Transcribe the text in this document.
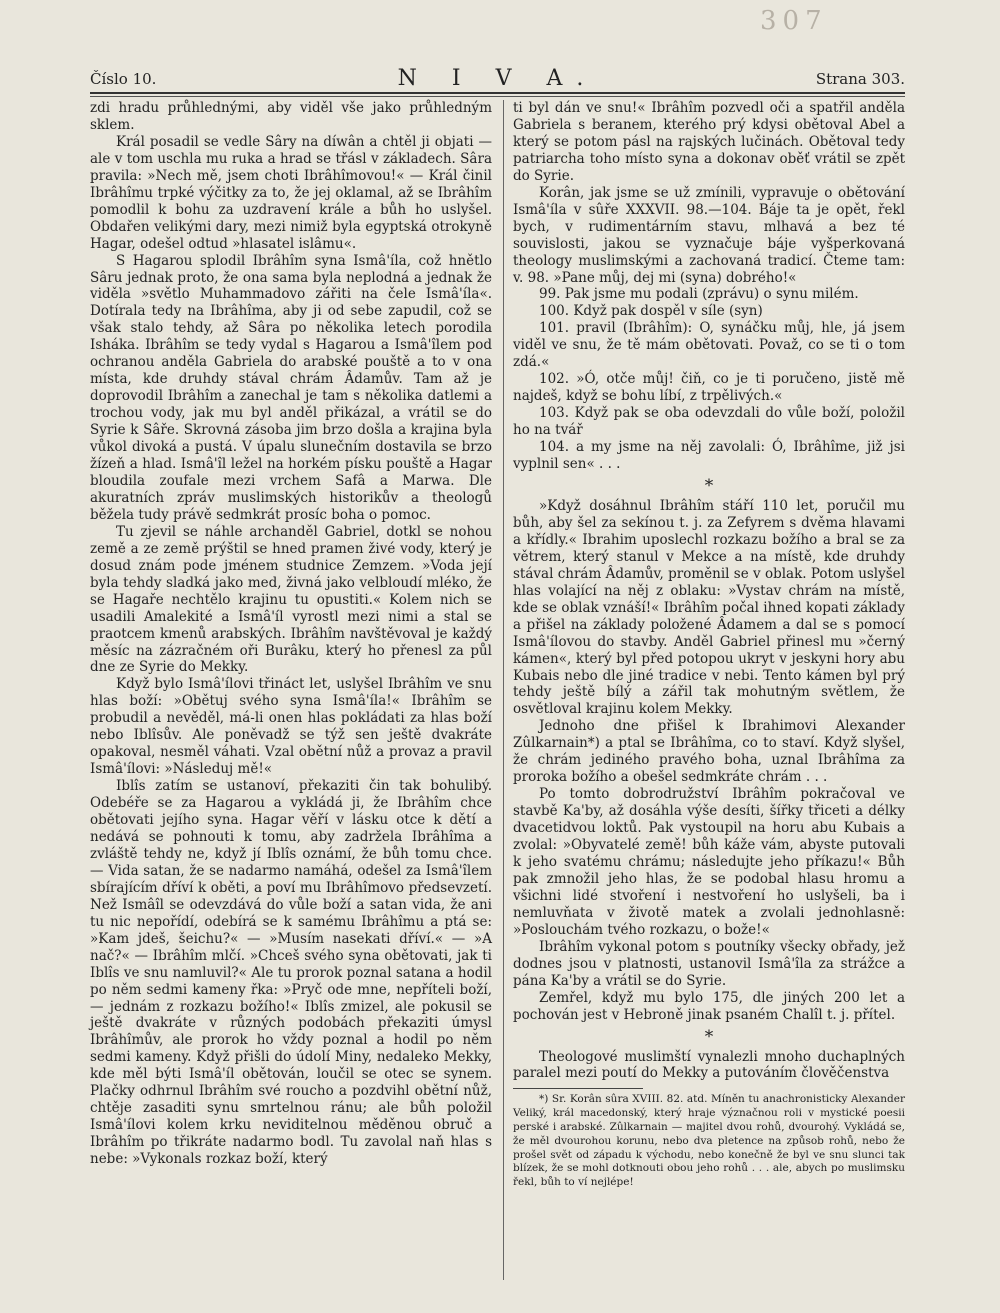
307
Číslo 10.	N I V A.	Strana 303.

zdi hradu průhlednými, aby viděl vše jako průhledným sklem.

Král posadil se vedle Sâry na díwân a chtěl ji objati — ale v tom uschla mu ruka a hrad se třásl v základech. Sâra pravila: »Nech mě, jsem choti Ibrâhîmovou!« — Král činil Ibrâhîmu trpké výčitky za to, že jej oklamal, až se Ibrâhîm pomodlil k bohu za uzdravení krále a bůh ho uslyšel. Obdařen velikými dary, mezi nimiž byla egyptská otrokyně Hagar, odešel odtud »hlasatel islâmu«.

S Hagarou splodil Ibrâhîm syna Ismâ'íla, což hnětlo Sâru jednak proto, že ona sama byla neplodná a jednak že viděla »světlo Muhammadovo zářiti na čele Ismâ'íla«. Dotírala tedy na Ibrâhîma, aby ji od sebe zapudil, což se však stalo tehdy, až Sâra po několika letech porodila Isháka. Ibrâhîm se tedy vydal s Hagarou a Ismâ'îlem pod ochranou anděla Gabriela do arabské pouště a to v ona místa, kde druhdy stával chrám Âdamův. Tam až je doprovodil Ibrâhîm a zanechal je tam s několika datlemi a trochou vody, jak mu byl anděl přikázal, a vrátil se do Syrie k Sâře. Skrovná zásoba jim brzo došla a krajina byla vůkol divoká a pustá. V úpalu slunečním dostavila se brzo žízeň a hlad. Ismâ'îl ležel na horkém písku pouště a Hagar bloudila zoufale mezi vrchem Safâ a Marwa. Dle akuratních zpráv muslimských historikův a theologů běžela tudy právě sedmkrát prosíc boha o pomoc.

Tu zjevil se náhle archanděl Gabriel, dotkl se nohou země a ze země prýštil se hned pramen živé vody, který je dosud znám pode jménem studnice Zemzem. »Voda její byla tehdy sladká jako med, živná jako velbloudí mléko, že se Hagaře nechtělo krajinu tu opustiti.« Kolem nich se usadili Amalekité a Ismâ'íl vyrostl mezi nimi a stal se praotcem kmenů arabských. Ibrâhîm navštěvoval je každý měsíc na zázračném oři Burâku, který ho přenesl za půl dne ze Syrie do Mekky.

Když bylo Ismâ'ílovi třináct let, uslyšel Ibrâhîm ve snu hlas boží: »Obětuj svého syna Ismâ'íla!« Ibrâhîm se probudil a nevěděl, má-li onen hlas pokládati za hlas boží nebo Iblîsův. Ale poněvadž se týž sen ještě dvakráte opakoval, nesměl váhati. Vzal obětní nůž a provaz a pravil Ismâ'ílovi: »Následuj mě!«

Iblîs zatím se ustanoví, překaziti čin tak bohulibý. Odebéře se za Hagarou a vykládá ji, že Ibrâhîm chce obětovati jejího syna. Hagar věří v lásku otce k dětí a nedává se pohnouti k tomu, aby zadržela Ibrâhîma a zvláště tehdy ne, když jí Iblîs oznámí, že bůh tomu chce. — Vida satan, že se nadarmo namáhá, odešel za Ismâ'îlem sbírajícím dříví k oběti, a poví mu Ibrâhîmovo předsevzetí. Než Ismâîl se odevzdává do vůle boží a satan vida, že ani tu nic nepořídí, odebírá se k samému Ibrâhîmu a ptá se: »Kam jdeš, šeichu?« — »Musím nasekati dříví.« — »A nač?« — Ibrâhîm mlčí. »Chceš svého syna obětovati, jak ti Iblîs ve snu namluvil?« Ale tu prorok poznal satana a hodil po něm sedmi kameny řka: »Pryč ode mne, nepříteli boží, — jednám z rozkazu božího!« Iblîs zmizel, ale pokusil se ještě dvakráte v různých podobách překaziti úmysl Ibrâhîmův, ale prorok ho vždy poznal a hodil po něm sedmi kameny. Když přišli do údolí Miny, nedaleko Mekky, kde měl býti Ismâ'íl obětován, loučil se otec se synem. Plačky odhrnul Ibrâhîm své roucho a pozdvihl obětní nůž, chtěje zasaditi synu smrtelnou ránu; ale bůh položil Ismâ'ílovi kolem krku neviditelnou měděnou obruč a Ibrâhîm po třikráte nadarmo bodl. Tu zavolal naň hlas s nebe: »Vykonals rozkaz boží, který

ti byl dán ve snu!« Ibrâhîm pozvedl oči a spatřil anděla Gabriela s beranem, kterého prý kdysi obětoval Abel a který se potom pásl na rajských lučinách. Obětoval tedy patriarcha toho místo syna a dokonav oběť vrátil se zpět do Syrie.

Korân, jak jsme se už zmínili, vypravuje o obětování Ismâ'íla v sûře XXXVII. 98.—104. Báje ta je opět, řekl bych, v rudimentárním stavu, mlhavá a bez té souvislosti, jakou se vyznačuje báje vyšperkovaná theology muslimskými a zachovaná tradicí. Čteme tam: v. 98. »Pane můj, dej mi (syna) dobrého!«

99. Pak jsme mu podali (zprávu) o synu milém.

100. Když pak dospěl v síle (syn)

101. pravil (Ibrâhîm): O, synáčku můj, hle, já jsem viděl ve snu, že tě mám obětovati. Považ, co se ti o tom zdá.«

102. »Ó, otče můj! čiň, co je ti poručeno, jistě mě najdeš, když se bohu líbí, z trpělivých.«

103. Když pak se oba odevzdali do vůle boží, položil ho na tvář

104. a my jsme na něj zavolali: Ó, Ibrâhîme, již jsi vyplnil sen« . . .

*

»Když dosáhnul Ibrâhîm stáří 110 let, poručil mu bůh, aby šel za sekínou t. j. za Zefyrem s dvěma hlavami a křídly.« Ibrahim uposlechl rozkazu božího a bral se za větrem, který stanul v Mekce a na místě, kde druhdy stával chrám Âdamův, proměnil se v oblak. Potom uslyšel hlas volající na něj z oblaku: »Vystav chrám na místě, kde se oblak vznáší!« Ibrâhîm počal ihned kopati základy a přišel na základy položené Âdamem a dal se s pomocí Ismâ'ílovou do stavby. Anděl Gabriel přinesl mu »černý kámen«, který byl před potopou ukryt v jeskyni hory abu Kubais nebo dle jiné tradice v nebi. Tento kámen byl prý tehdy ještě bílý a zářil tak mohutným světlem, že osvětloval krajinu kolem Mekky.

Jednoho dne přišel k Ibrahimovi Alexander Zûlkarnain*) a ptal se Ibrâhîma, co to staví. Když slyšel, že chrám jediného pravého boha, uznal Ibrâhîma za proroka božího a obešel sedmkráte chrám . . .

Po tomto dobrodružství Ibrâhîm pokračoval ve stavbě Ka'by, až dosáhla výše desíti, šířky třiceti a délky dvacetidvou loktů. Pak vystoupil na horu abu Kubais a zvolal: »Obyvatelé země! bůh káže vám, abyste putovali k jeho svatému chrámu; následujte jeho příkazu!« Bůh pak zmnožil jeho hlas, že se podobal hlasu hromu a všichni lidé stvoření i nestvoření ho uslyšeli, ba i nemluvňata v životě matek a zvolali jednohlasně: »Poslouchám tvého rozkazu, o bože!«

Ibrâhîm vykonal potom s poutníky všecky obřady, jež dodnes jsou v platnosti, ustanovil Ismâ'îla za strážce a pána Ka'by a vrátil se do Syrie.

Zemřel, když mu bylo 175, dle jiných 200 let a pochován jest v Hebroně jinak psaném Chalîl t. j. přítel.

*

Theologové muslimští vynalezli mnoho duchaplných paralel mezi poutí do Mekky a putováním člověčenstva

*) Sr. Korân sûra XVIII. 82. atd. Míněn tu anachronisticky Alexander Veliký, král macedonský, který hraje význačnou roli v mystické poesii perské i arabské. Zûlkarnain — majitel dvou rohů, dvourohý. Vykládá se, že měl dvourohou korunu, nebo dva pletence na způsob rohů, nebo že prošel svět od západu k východu, nebo konečně že byl ve snu slunci tak blízek, že se mohl dotknouti obou jeho rohů . . . ale, abych po muslimsku řekl, bůh to ví nejlépe!
